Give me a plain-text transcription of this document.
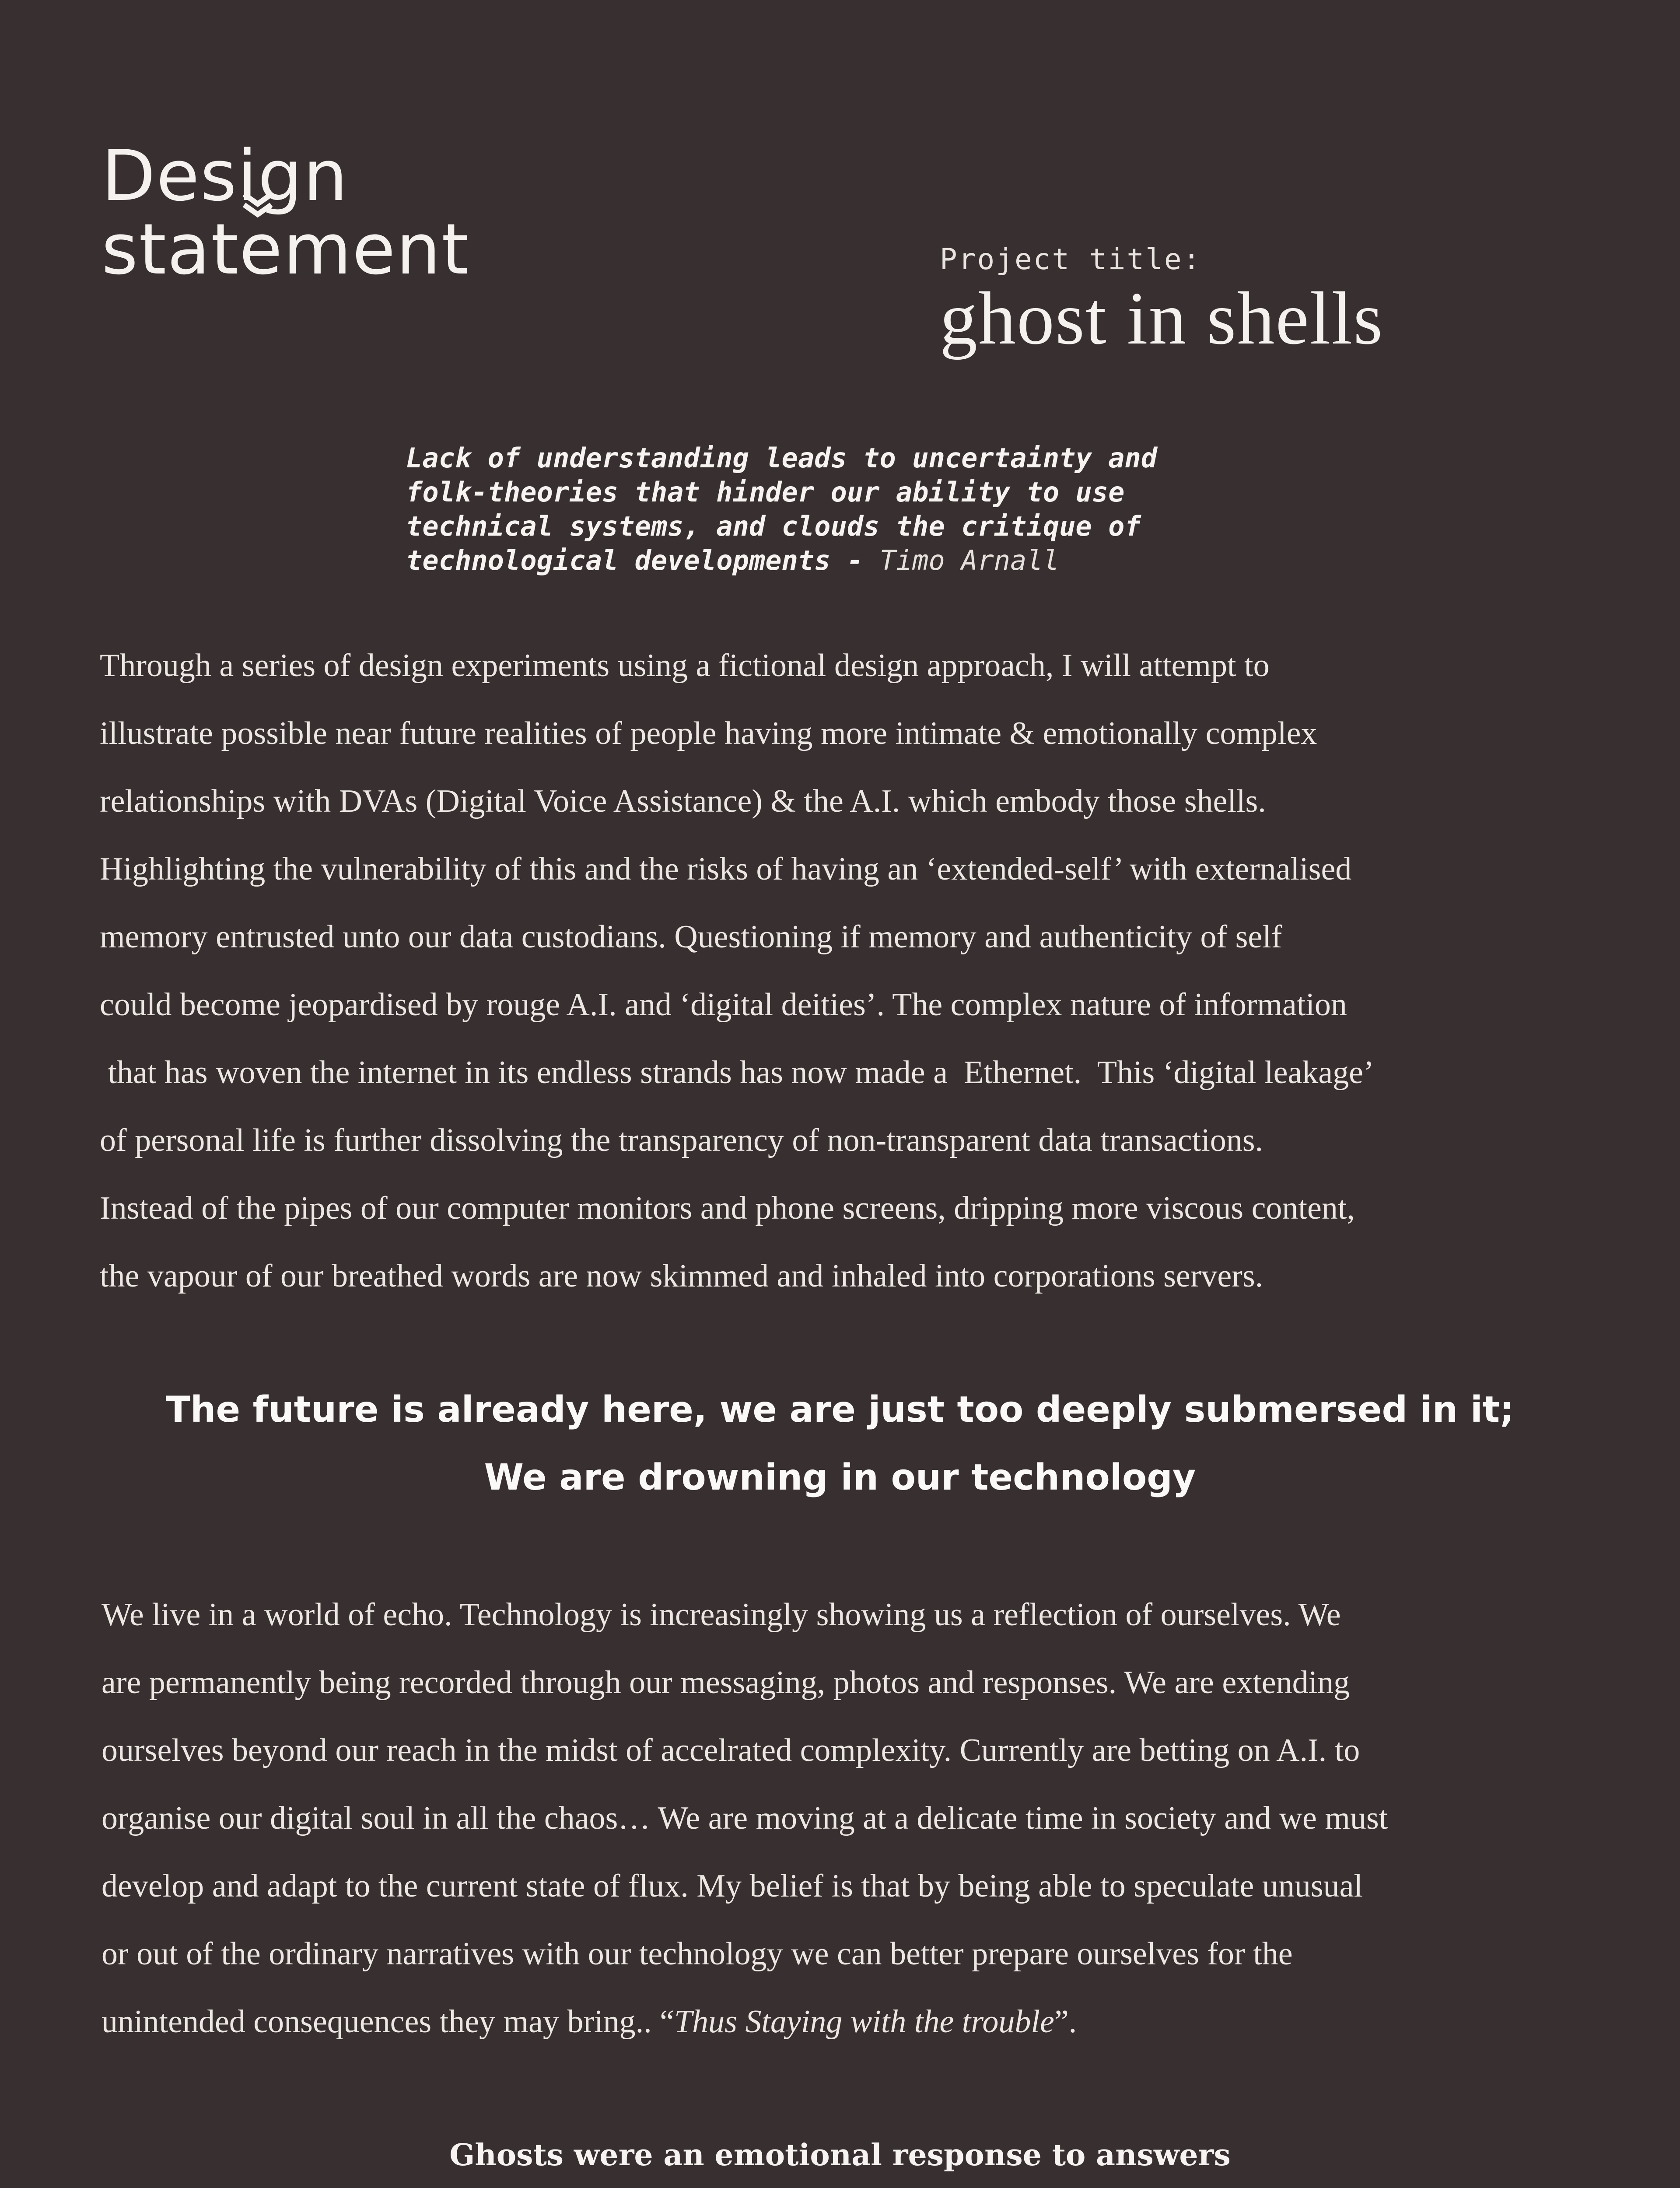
Design
statement	Project title:
ghost in shells
Lack of understanding leads to uncertainty and
folk-theories that hinder our ability to use
technical systems, and clouds the critique of
technological developments - Timo Arnall
Through a series of design experiments using a fictional design approach, I will attempt to
illustrate possible near future realities of people having more intimate & emotionally complex
relationships with DVAs (Digital Voice Assistance) & the A.I. which embody those shells.
Highlighting the vulnerability of this and the risks of having an ‘extended-self’ with externalised
memory entrusted unto our data custodians. Questioning if memory and authenticity of self
could become jeopardised by rouge A.I. and ‘digital deities’. The complex nature of information
that has woven the internet in its endless strands has now made a  Ethernet.  This ‘digital leakage’
of personal life is further dissolving the transparency of non-transparent data transactions.
Instead of the pipes of our computer monitors and phone screens, dripping more viscous content,
the vapour of our breathed words are now skimmed and inhaled into corporations servers.
The future is already here, we are just too deeply submersed in it;
We are drowning in our technology
We live in a world of echo. Technology is increasingly showing us a reflection of ourselves. We
are permanently being recorded through our messaging, photos and responses. We are extending
ourselves beyond our reach in the midst of accelrated complexity. Currently are betting on A.I. to
organise our digital soul in all the chaos… We are moving at a delicate time in society and we must
develop and adapt to the current state of flux. My belief is that by being able to speculate unusual
or out of the ordinary narratives with our technology we can better prepare ourselves for the
unintended consequences they may bring.. “Thus Staying with the trouble”.
Ghosts were an emotional response to answers
